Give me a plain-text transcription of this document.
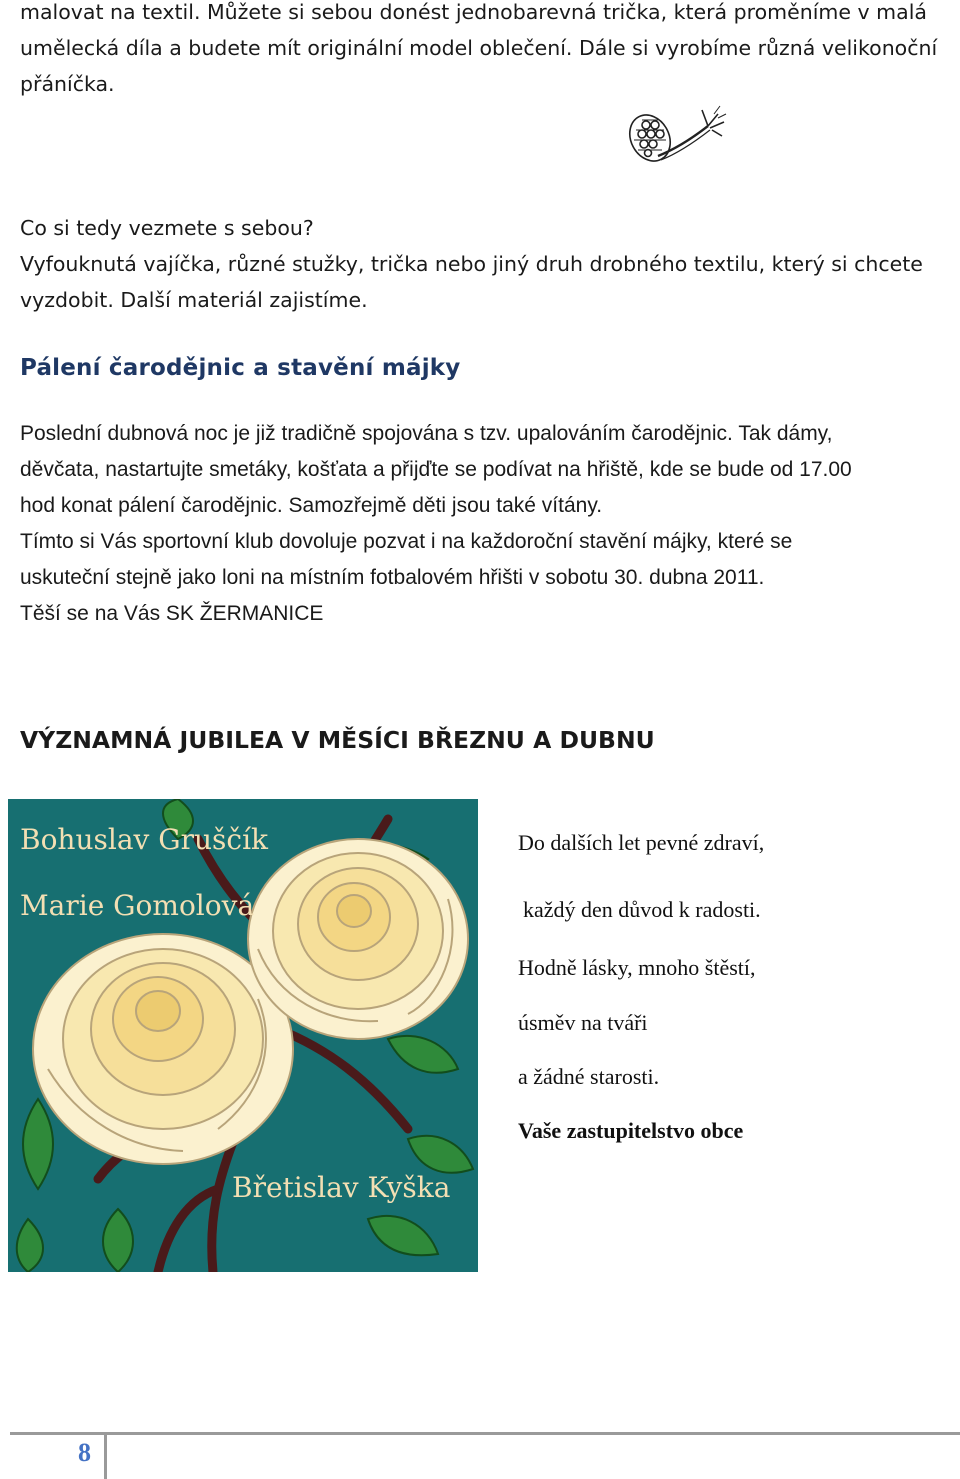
malovat na textil. Můžete si sebou donést jednobarevná trička, která proměníme v malá
umělecká díla a budete mít originální model oblečení. Dále si vyrobíme různá velikonoční
přáníčka.
Co si tedy vezmete s sebou?
Vyfouknutá vajíčka, různé stužky, trička nebo jiný druh drobného textilu, který si chcete
vyzdobit. Další materiál zajistíme.
Pálení čarodějnic a stavění májky
Poslední dubnová noc je již tradičně spojována s tzv. upalováním čarodějnic. Tak dámy,
děvčata, nastartujte smetáky, košťata a přijďte se podívat na hřiště, kde se bude od 17.00
hod konat pálení čarodějnic. Samozřejmě děti jsou také vítány.
Tímto si Vás sportovní klub dovoluje pozvat i na každoroční stavění májky, které se
uskuteční stejně jako loni na místním fotbalovém hřišti v sobotu 30. dubna 2011.
Těší se na Vás SK ŽERMANICE
VÝZNAMNÁ JUBILEA V MĚSÍCI BŘEZNU A DUBNU
Bohuslav Gruščík
Marie Gomolová
Břetislav Kyška

Do dalších let pevné zdraví,

každý den důvod k radosti.

Hodně lásky, mnoho štěstí,

úsměv na tváři

a žádné starosti.

Vaše zastupitelstvo obce

8
